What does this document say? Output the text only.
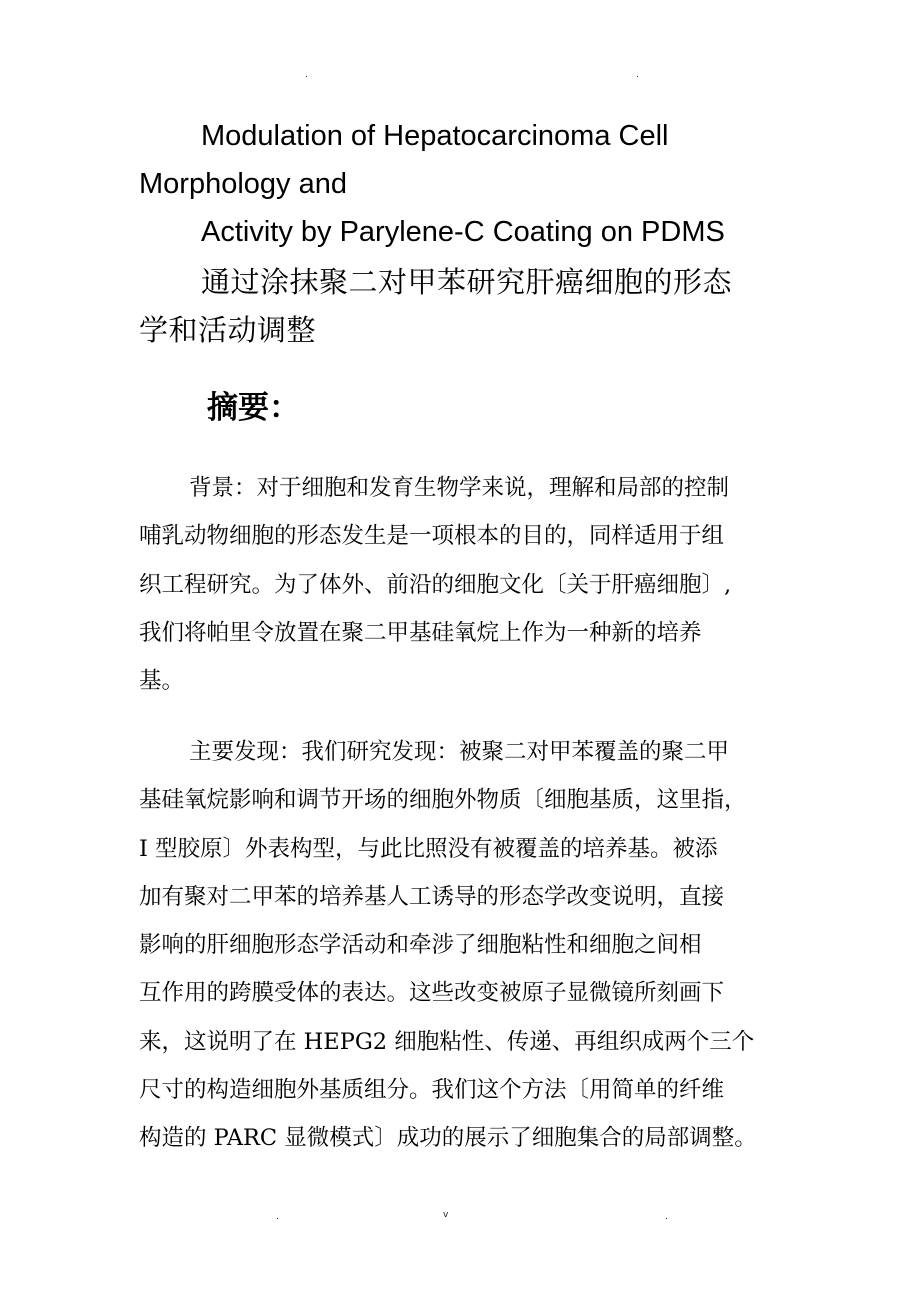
.	.
Modulation of Hepatocarcinoma Cell
Morphology and
Activity by Parylene-C Coating on PDMS
通过涂抹聚二对甲苯研究肝癌细胞的形态
学和活动调整
摘要：

背景：对于细胞和发育生物学来说，理解和局部的控制
哺乳动物细胞的形态发生是一项根本的目的，同样适用于组
织工程研究。为了体外、前沿的细胞文化〔关于肝癌细胞〕,
我们将帕里令放置在聚二甲基硅氧烷上作为一种新的培养
基。

主要发现：我们研究发现：被聚二对甲苯覆盖的聚二甲
基硅氧烷影响和调节开场的细胞外物质〔细胞基质，这里指，
I 型胶原〕外表构型，与此比照没有被覆盖的培养基。被添
加有聚对二甲苯的培养基人工诱导的形态学改变说明，直接
影响的肝细胞形态学活动和牵涉了细胞粘性和细胞之间相
互作用的跨膜受体的表达。这些改变被原子显微镜所刻画下
来，这说明了在 HEPG2 细胞粘性、传递、再组织成两个三个
尺寸的构造细胞外基质组分。我们这个方法〔用简单的纤维
构造的 PARC 显微模式〕成功的展示了细胞集合的局部调整。

.	v	.
